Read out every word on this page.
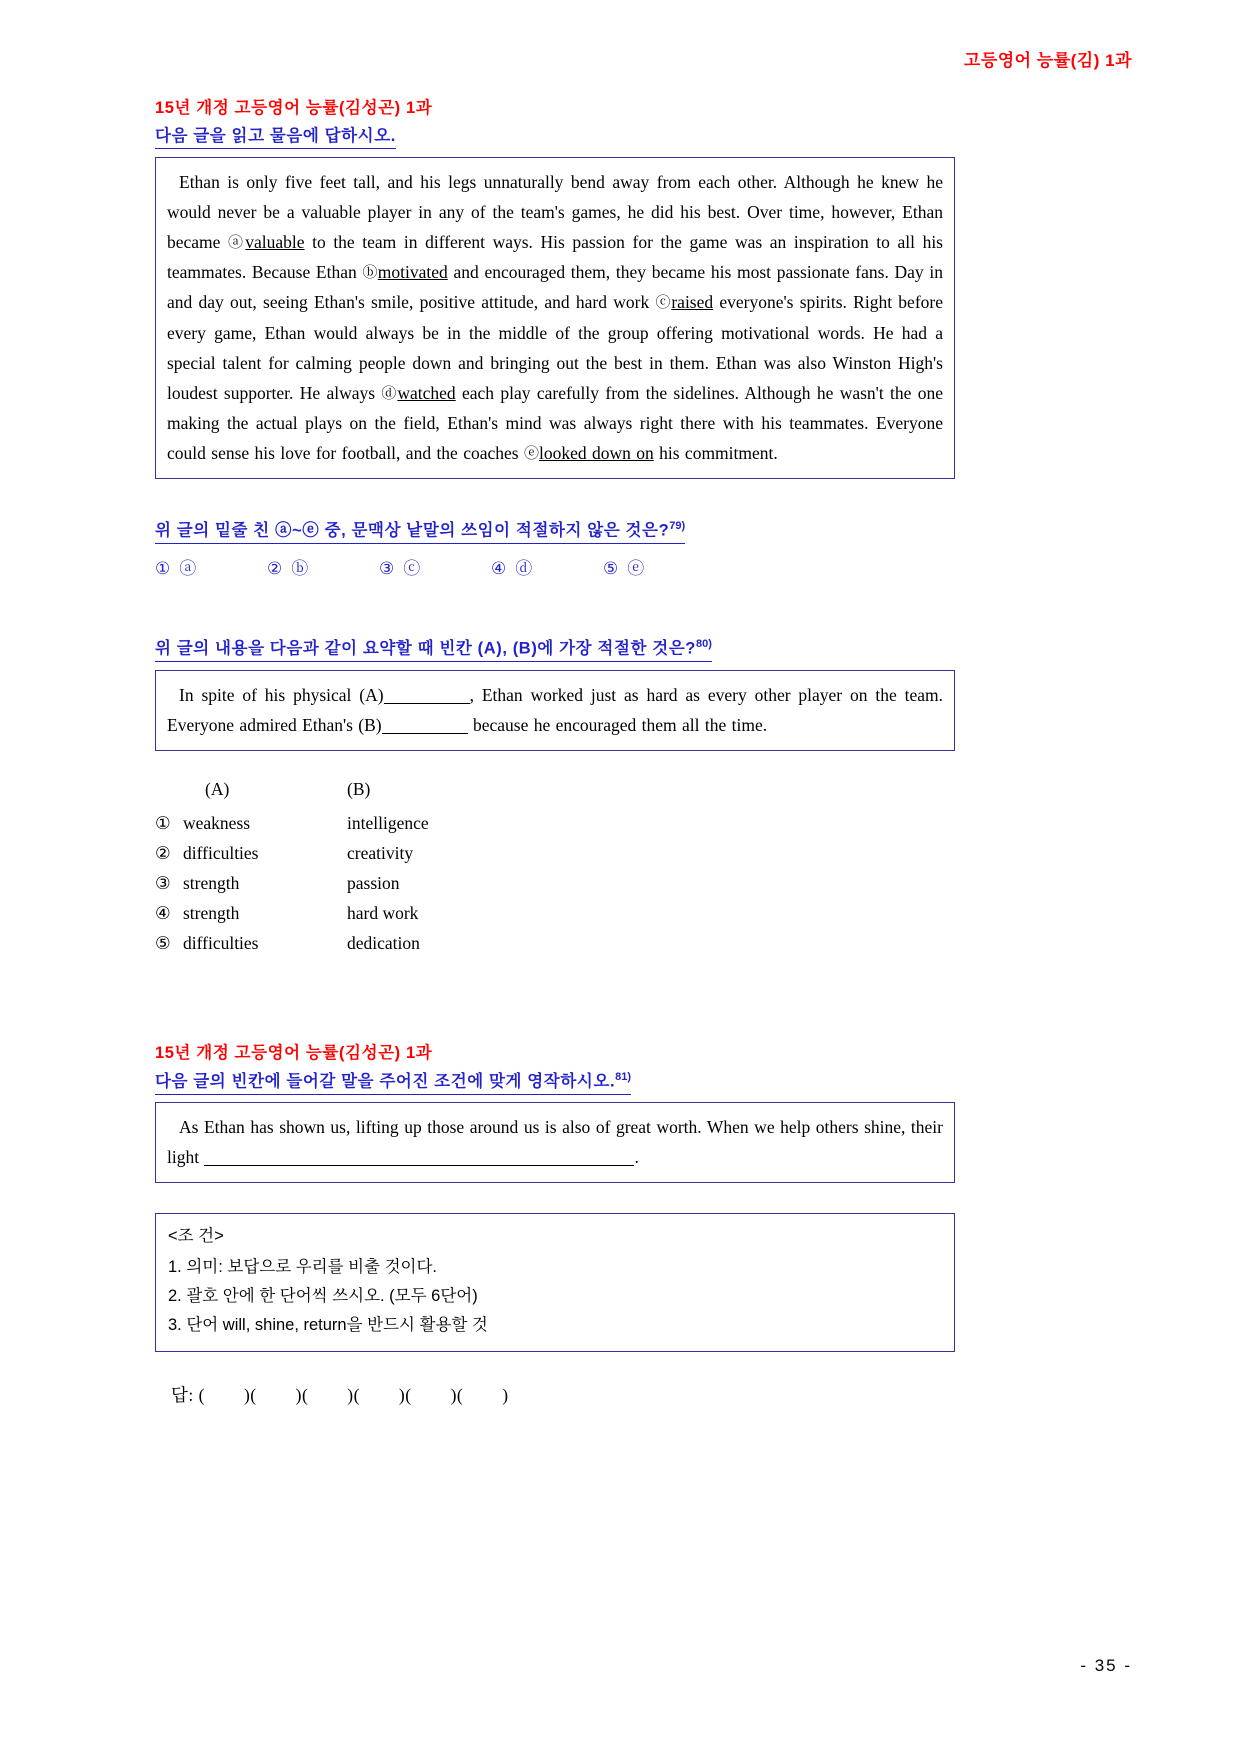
고등영어 능률(김) 1과
15년 개정 고등영어 능률(김성곤) 1과
다음 글을 읽고 물음에 답하시오.

Ethan is only five feet tall, and his legs unnaturally bend away from each other. Although he knew he would never be a valuable player in any of the team's games, he did his best. Over time, however, Ethan became ⓐvaluable to the team in different ways. His passion for the game was an inspiration to all his teammates. Because Ethan ⓑmotivated and encouraged them, they became his most passionate fans. Day in and day out, seeing Ethan's smile, positive attitude, and hard work ⓒraised everyone's spirits. Right before every game, Ethan would always be in the middle of the group offering motivational words. He had a special talent for calming people down and bringing out the best in them. Ethan was also Winston High's loudest supporter. He always ⓓwatched each play carefully from the sidelines. Although he wasn't the one making the actual plays on the field, Ethan's mind was always right there with his teammates. Everyone could sense his love for football, and the coaches ⓔlooked down on his commitment.

위 글의 밑줄 친 ⓐ~ⓔ 중, 문맥상 낱말의 쓰임이 적절하지 않은 것은?$^{79)}$
① ⓐ	② ⓑ	③ ⓒ	④ ⓓ	⑤ ⓔ
위 글의 내용을 다음과 같이 요약할 때 빈칸 (A), (B)에 가장 적절한 것은?$^{80)}$

In spite of his physical (A)	, Ethan worked just as hard as every other player on the team. Everyone admired Ethan's (B)	because he encouraged them all the time.

(A)	(B)
① weakness	intelligence
② difficulties	creativity
③ strength	passion
④ strength	hard work
⑤ difficulties	dedication
15년 개정 고등영어 능률(김성곤) 1과
다음 글의 빈칸에 들어갈 말을 주어진 조건에 맞게 영작하시오.$^{81)}$

As Ethan has shown us, lifting up those around us is also of great worth. When we help others shine, their light	.

<조 건>

1. 의미: 보답으로 우리를 비출 것이다.

2. 괄호 안에 한 단어씩 쓰시오. (모두 6단어)

3. 단어 will, shine, return을 반드시 활용할 것

답: (        )(        )(        )(        )(        )(        )
- 35 -
